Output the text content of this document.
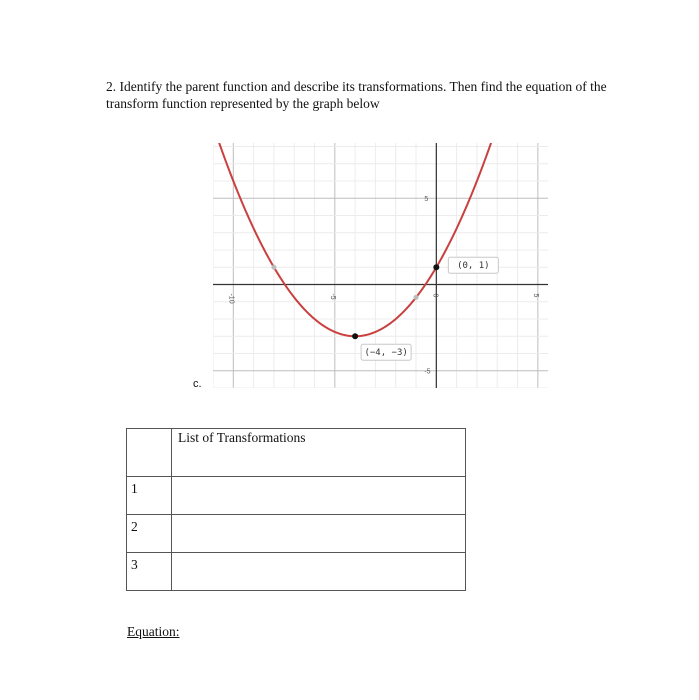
2. Identify the parent function and describe its transformations. Then find the equation of the
transform function represented by the graph below
-10	-5	0	5
5
-5
(−4, −3)
(0, 1)
c.
	List of Transformations
1	
2	
3	
Equation:
